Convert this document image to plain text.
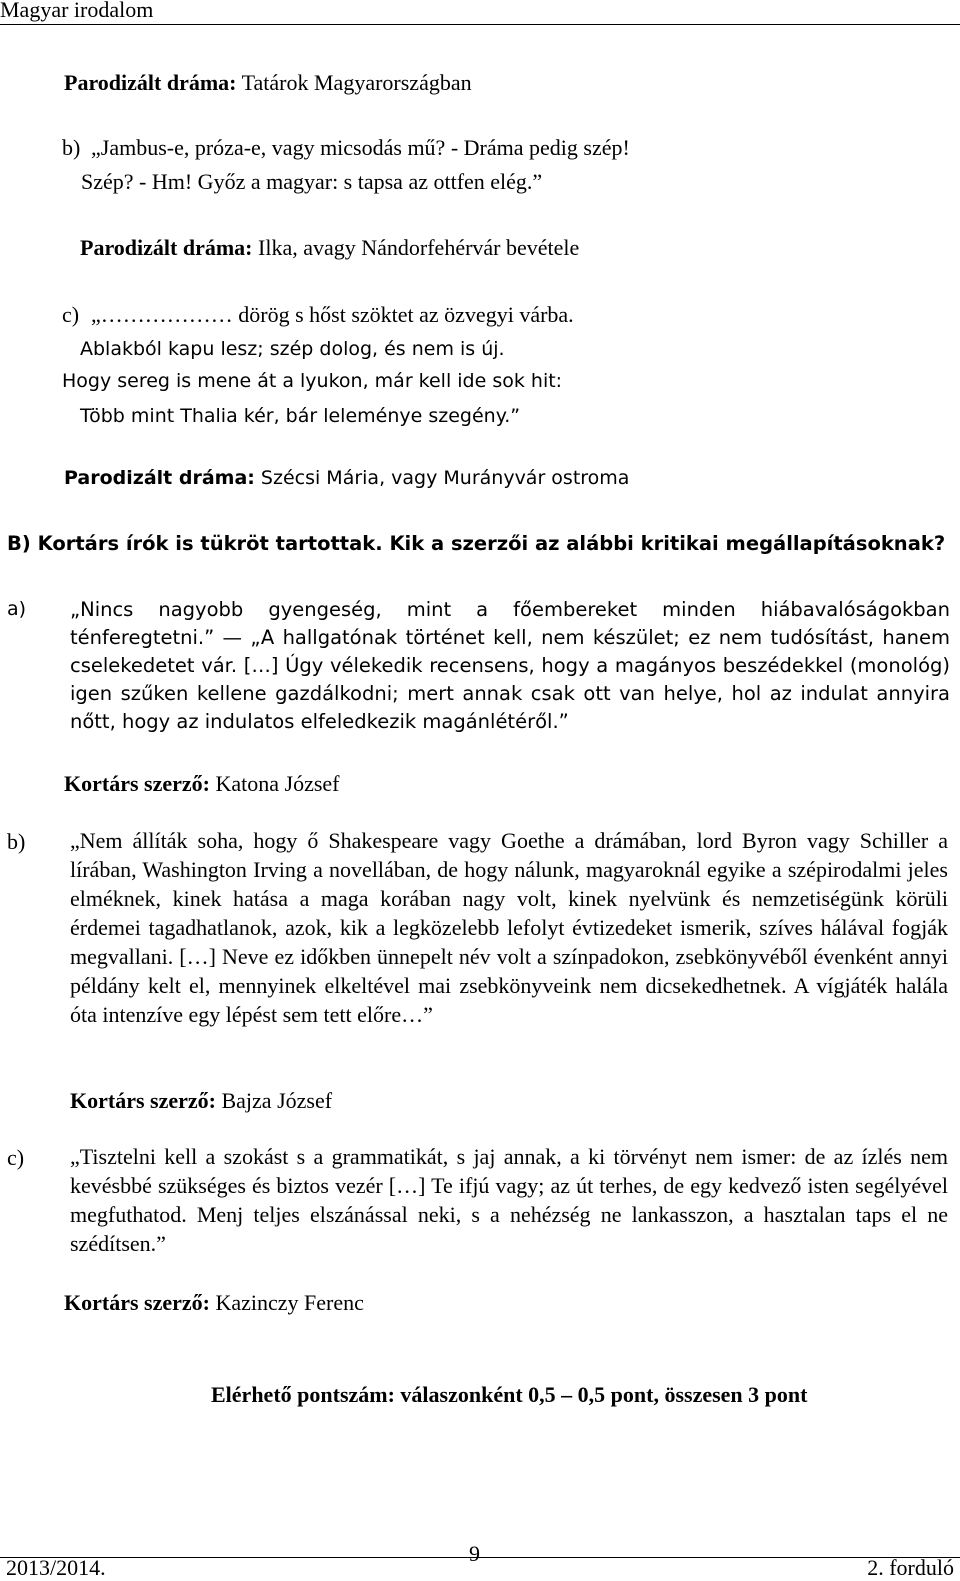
Magyar irodalom
Parodizált dráma: Tatárok Magyarországban
b) „Jambus-e, próza-e, vagy micsodás mű? - Dráma pedig szép!
Szép? - Hm! Győz a magyar: s tapsa az ottfen elég.”
Parodizált dráma: Ilka, avagy Nándorfehérvár bevétele
c) „……………… dörög s hőst szöktet az özvegyi várba.
Ablakból kapu lesz; szép dolog, és nem is új.
Hogy sereg is mene át a lyukon, már kell ide sok hit:
Több mint Thalia kér, bár leleménye szegény.”
Parodizált dráma: Szécsi Mária, vagy Murányvár ostroma
B) Kortárs írók is tükröt tartottak. Kik a szerzői az alábbi kritikai megállapításoknak?
a) „Nincs nagyobb gyengeség, mint a főembereket minden hiábavalóságokban ténferegtetni.” — „A hallgatónak történet kell, nem készület; ez nem tudósítást, hanem cselekedetet vár. […] Úgy vélekedik recensens, hogy a magányos beszédekkel (monológ) igen szűken kellene gazdálkodni; mert annak csak ott van helye, hol az indulat annyira nőtt, hogy az indulatos elfeledkezik magánlétéről.”
Kortárs szerző: Katona József
b) „Nem állíták soha, hogy ő Shakespeare vagy Goethe a drámában, lord Byron vagy Schiller a lírában, Washington Irving a novellában, de hogy nálunk, magyaroknál egyike a szépirodalmi jeles elméknek, kinek hatása a maga korában nagy volt, kinek nyelvünk és nemzetiségünk körüli érdemei tagadhatlanok, azok, kik a legközelebb lefolyt évtizedeket ismerik, szíves hálával fogják megvallani. […] Neve ez időkben ünnepelt név volt a színpadokon, zsebkönyvéből évenként annyi példány kelt el, mennyinek elkeltével mai zsebkönyveink nem dicsekedhetnek. A vígjáték halála óta intenzíve egy lépést sem tett előre…”
Kortárs szerző: Bajza József
c) „Tisztelni kell a szokást s a grammatikát, s jaj annak, a ki törvényt nem ismer: de az ízlés nem kevésbbé szükséges és biztos vezér […] Te ifjú vagy; az út terhes, de egy kedvező isten segélyével megfuthatod. Menj teljes elszánással neki, s a nehézség ne lankasszon, a hasztalan taps el ne szédítsen.”
Kortárs szerző: Kazinczy Ferenc
Elérhető pontszám: válaszonként 0,5 – 0,5 pont, összesen 3 pont
2013/2014.
9
2. forduló
